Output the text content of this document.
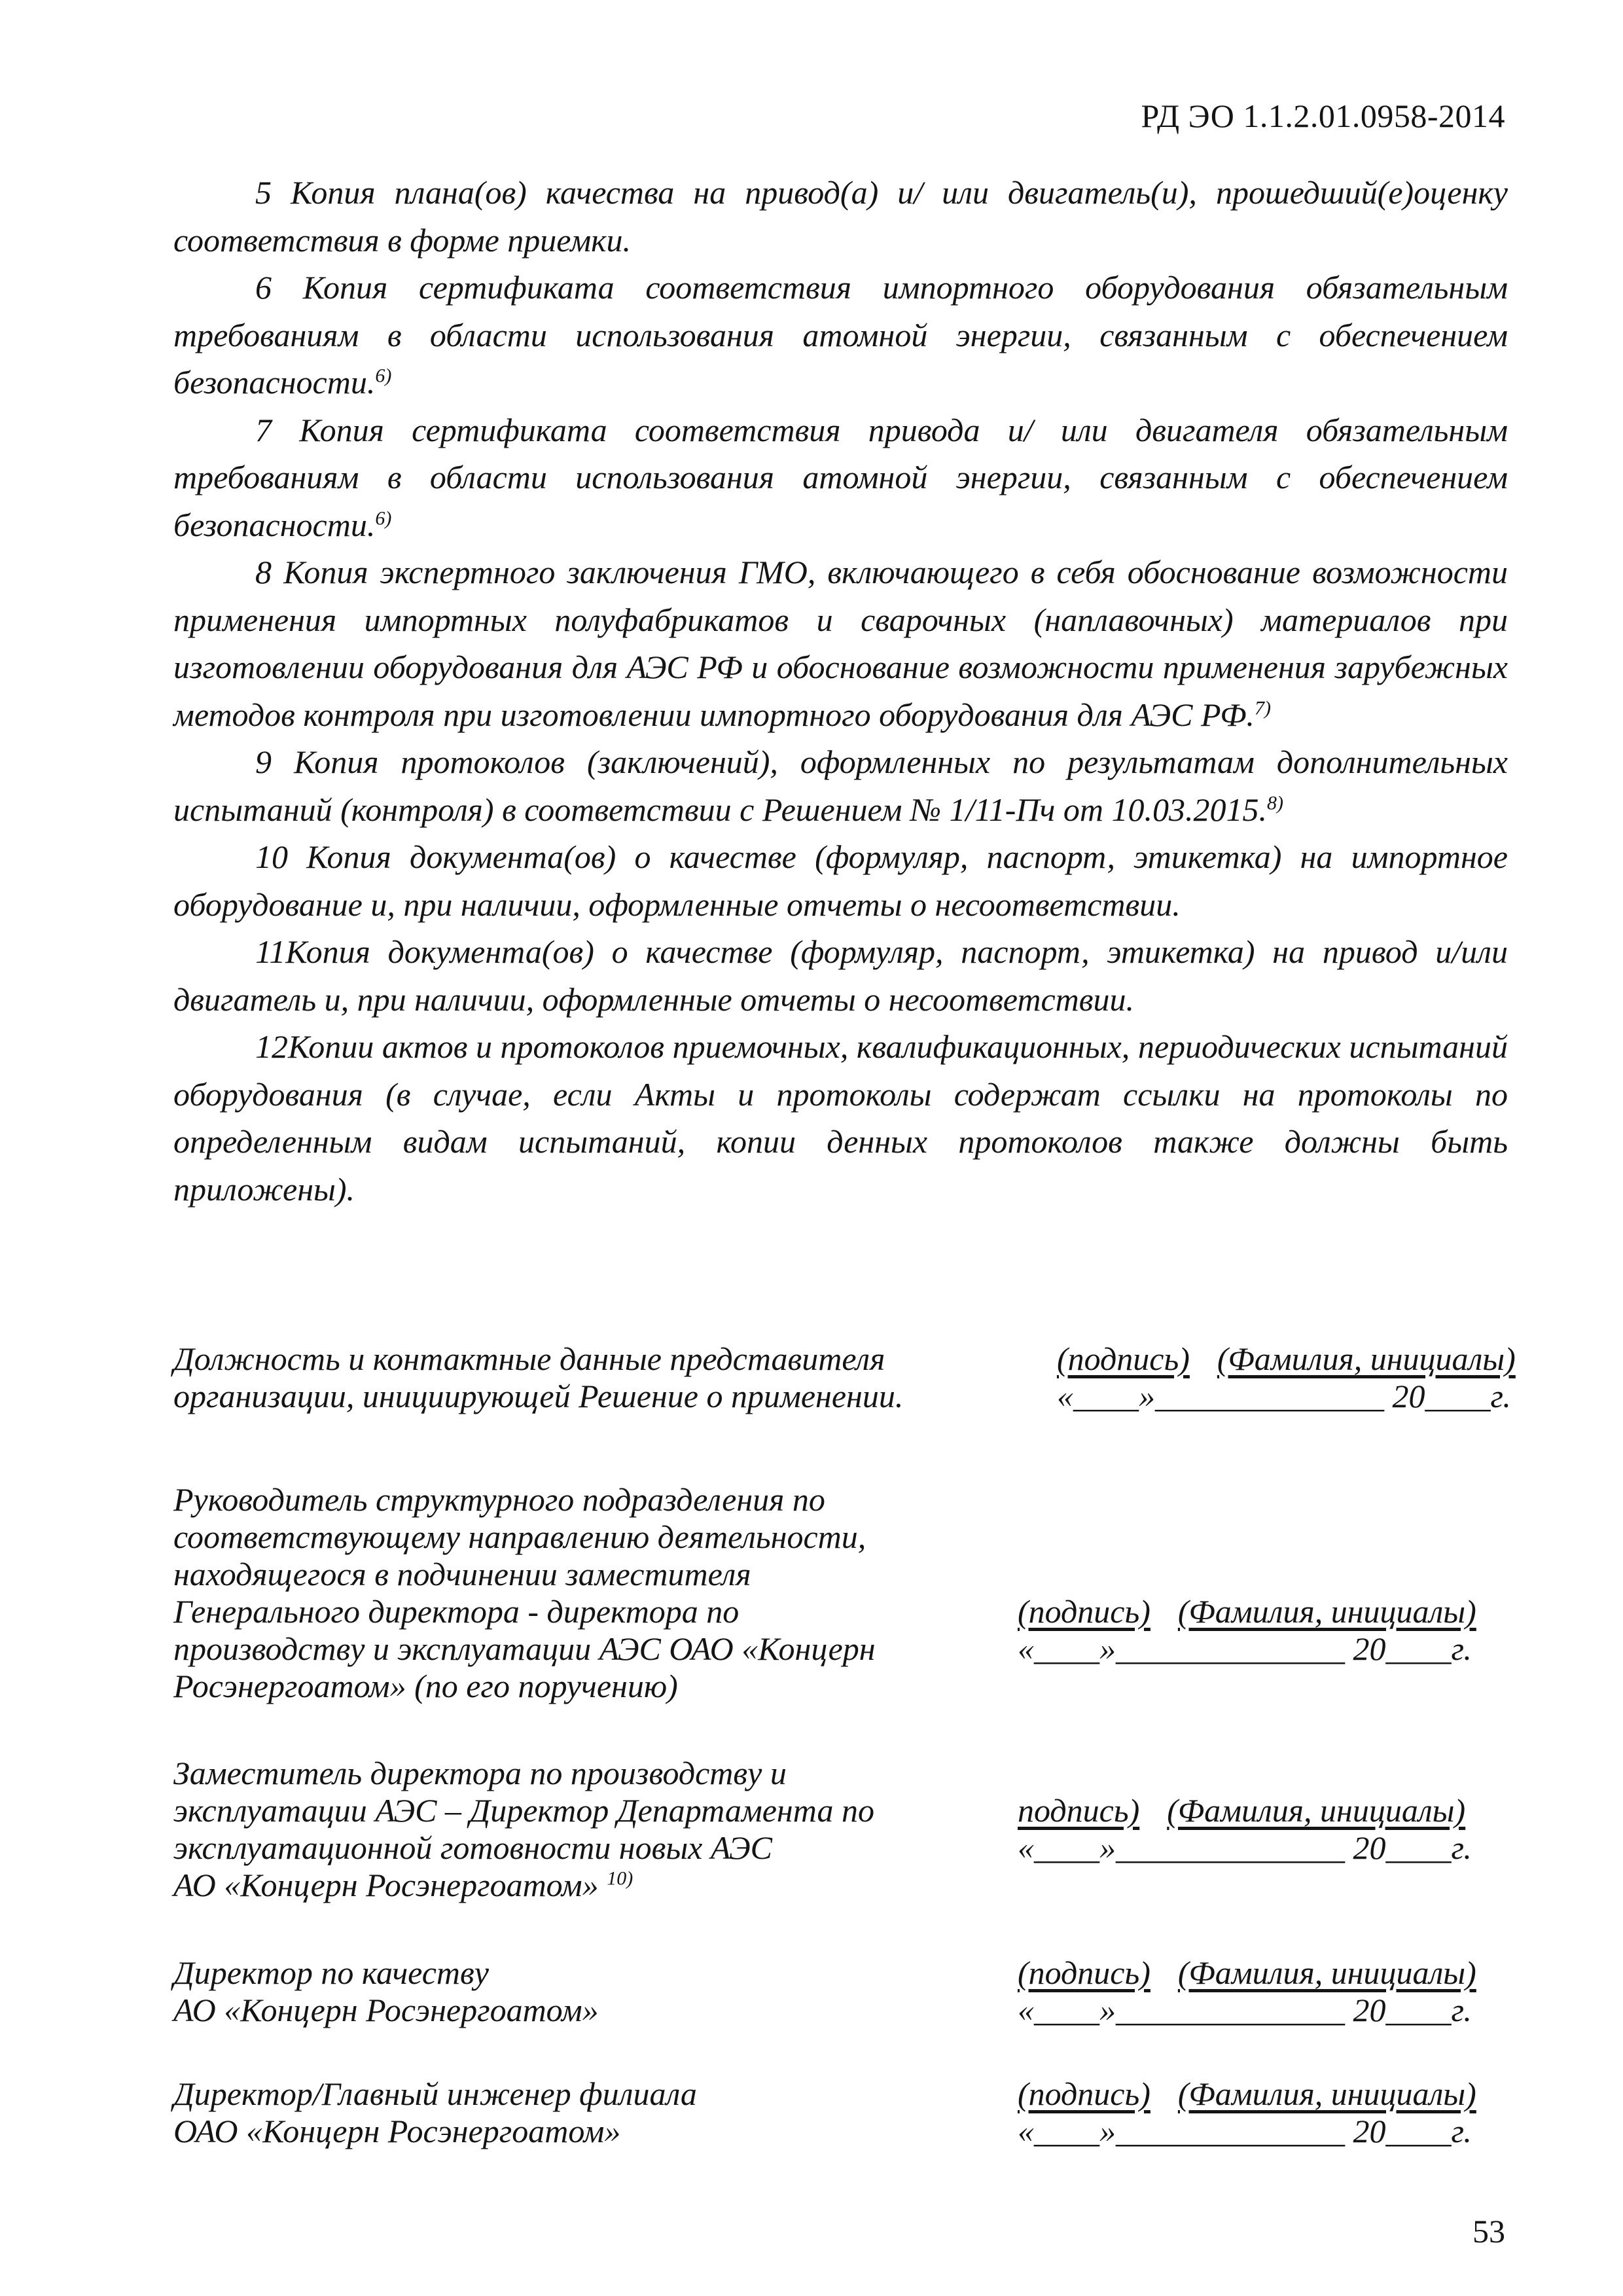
РД ЭО 1.1.2.01.0958-2014

5 Копия плана(ов) качества на привод(а) и/ или двигатель(и), прошедший(е)оценку соответствия в форме приемки.

6 Копия сертификата соответствия импортного оборудования обязательным требованиям в области использования атомной энергии, связанным с обеспечением безопасности.$^{6)}$

7 Копия сертификата соответствия привода и/ или двигателя обязательным требованиям в области использования атомной энергии, связанным с обеспечением безопасности.$^{6)}$

8 Копия экспертного заключения ГМО, включающего в себя обоснование возможности применения импортных полуфабрикатов и сварочных (наплавочных) материалов при изготовлении оборудования для АЭС РФ и обоснование возможности применения зарубежных методов контроля при изготовлении импортного оборудования для АЭС РФ.$^{7)}$

9 Копия протоколов (заключений), оформленных по результатам дополнительных испытаний (контроля) в соответствии с Решением № 1/11-Пч от 10.03.2015.$^{8)}$

10 Копия документа(ов) о качестве (формуляр, паспорт, этикетка) на импортное оборудование и, при наличии, оформленные отчеты о несоответствии.

11Копия документа(ов) о качестве (формуляр, паспорт, этикетка) на привод и/или двигатель и, при наличии, оформленные отчеты о несоответствии.

12Копии актов и протоколов приемочных, квалификационных, периодических испытаний оборудования (в случае, если Акты и протоколы содержат ссылки на протоколы по определенным видам испытаний, копии денных протоколов также должны быть приложены).

Должность и контактные данные представителя
организации, инициирующей Решение о применении.
(подпись) (Фамилия, инициалы)
«____»______________ 20____г.
Руководитель структурного подразделения по
соответствующему направлению деятельности,
находящегося в подчинении заместителя
Генерального директора - директора по
производству и эксплуатации АЭС ОАО «Концерн
Росэнергоатом» (по его поручению)
(подпись) (Фамилия, инициалы)
«____»______________ 20____г.
Заместитель директора по производству и
эксплуатации АЭС – Директор Департамента по
эксплуатационной готовности новых АЭС
АО «Концерн Росэнергоатом» $^{10)}$
подпись) (Фамилия, инициалы)
«____»______________ 20____г.
Директор по качеству
АО «Концерн Росэнергоатом»
(подпись) (Фамилия, инициалы)
«____»______________ 20____г.
Директор/Главный инженер филиала
ОАО «Концерн Росэнергоатом»
(подпись) (Фамилия, инициалы)
«____»______________ 20____г.
53
